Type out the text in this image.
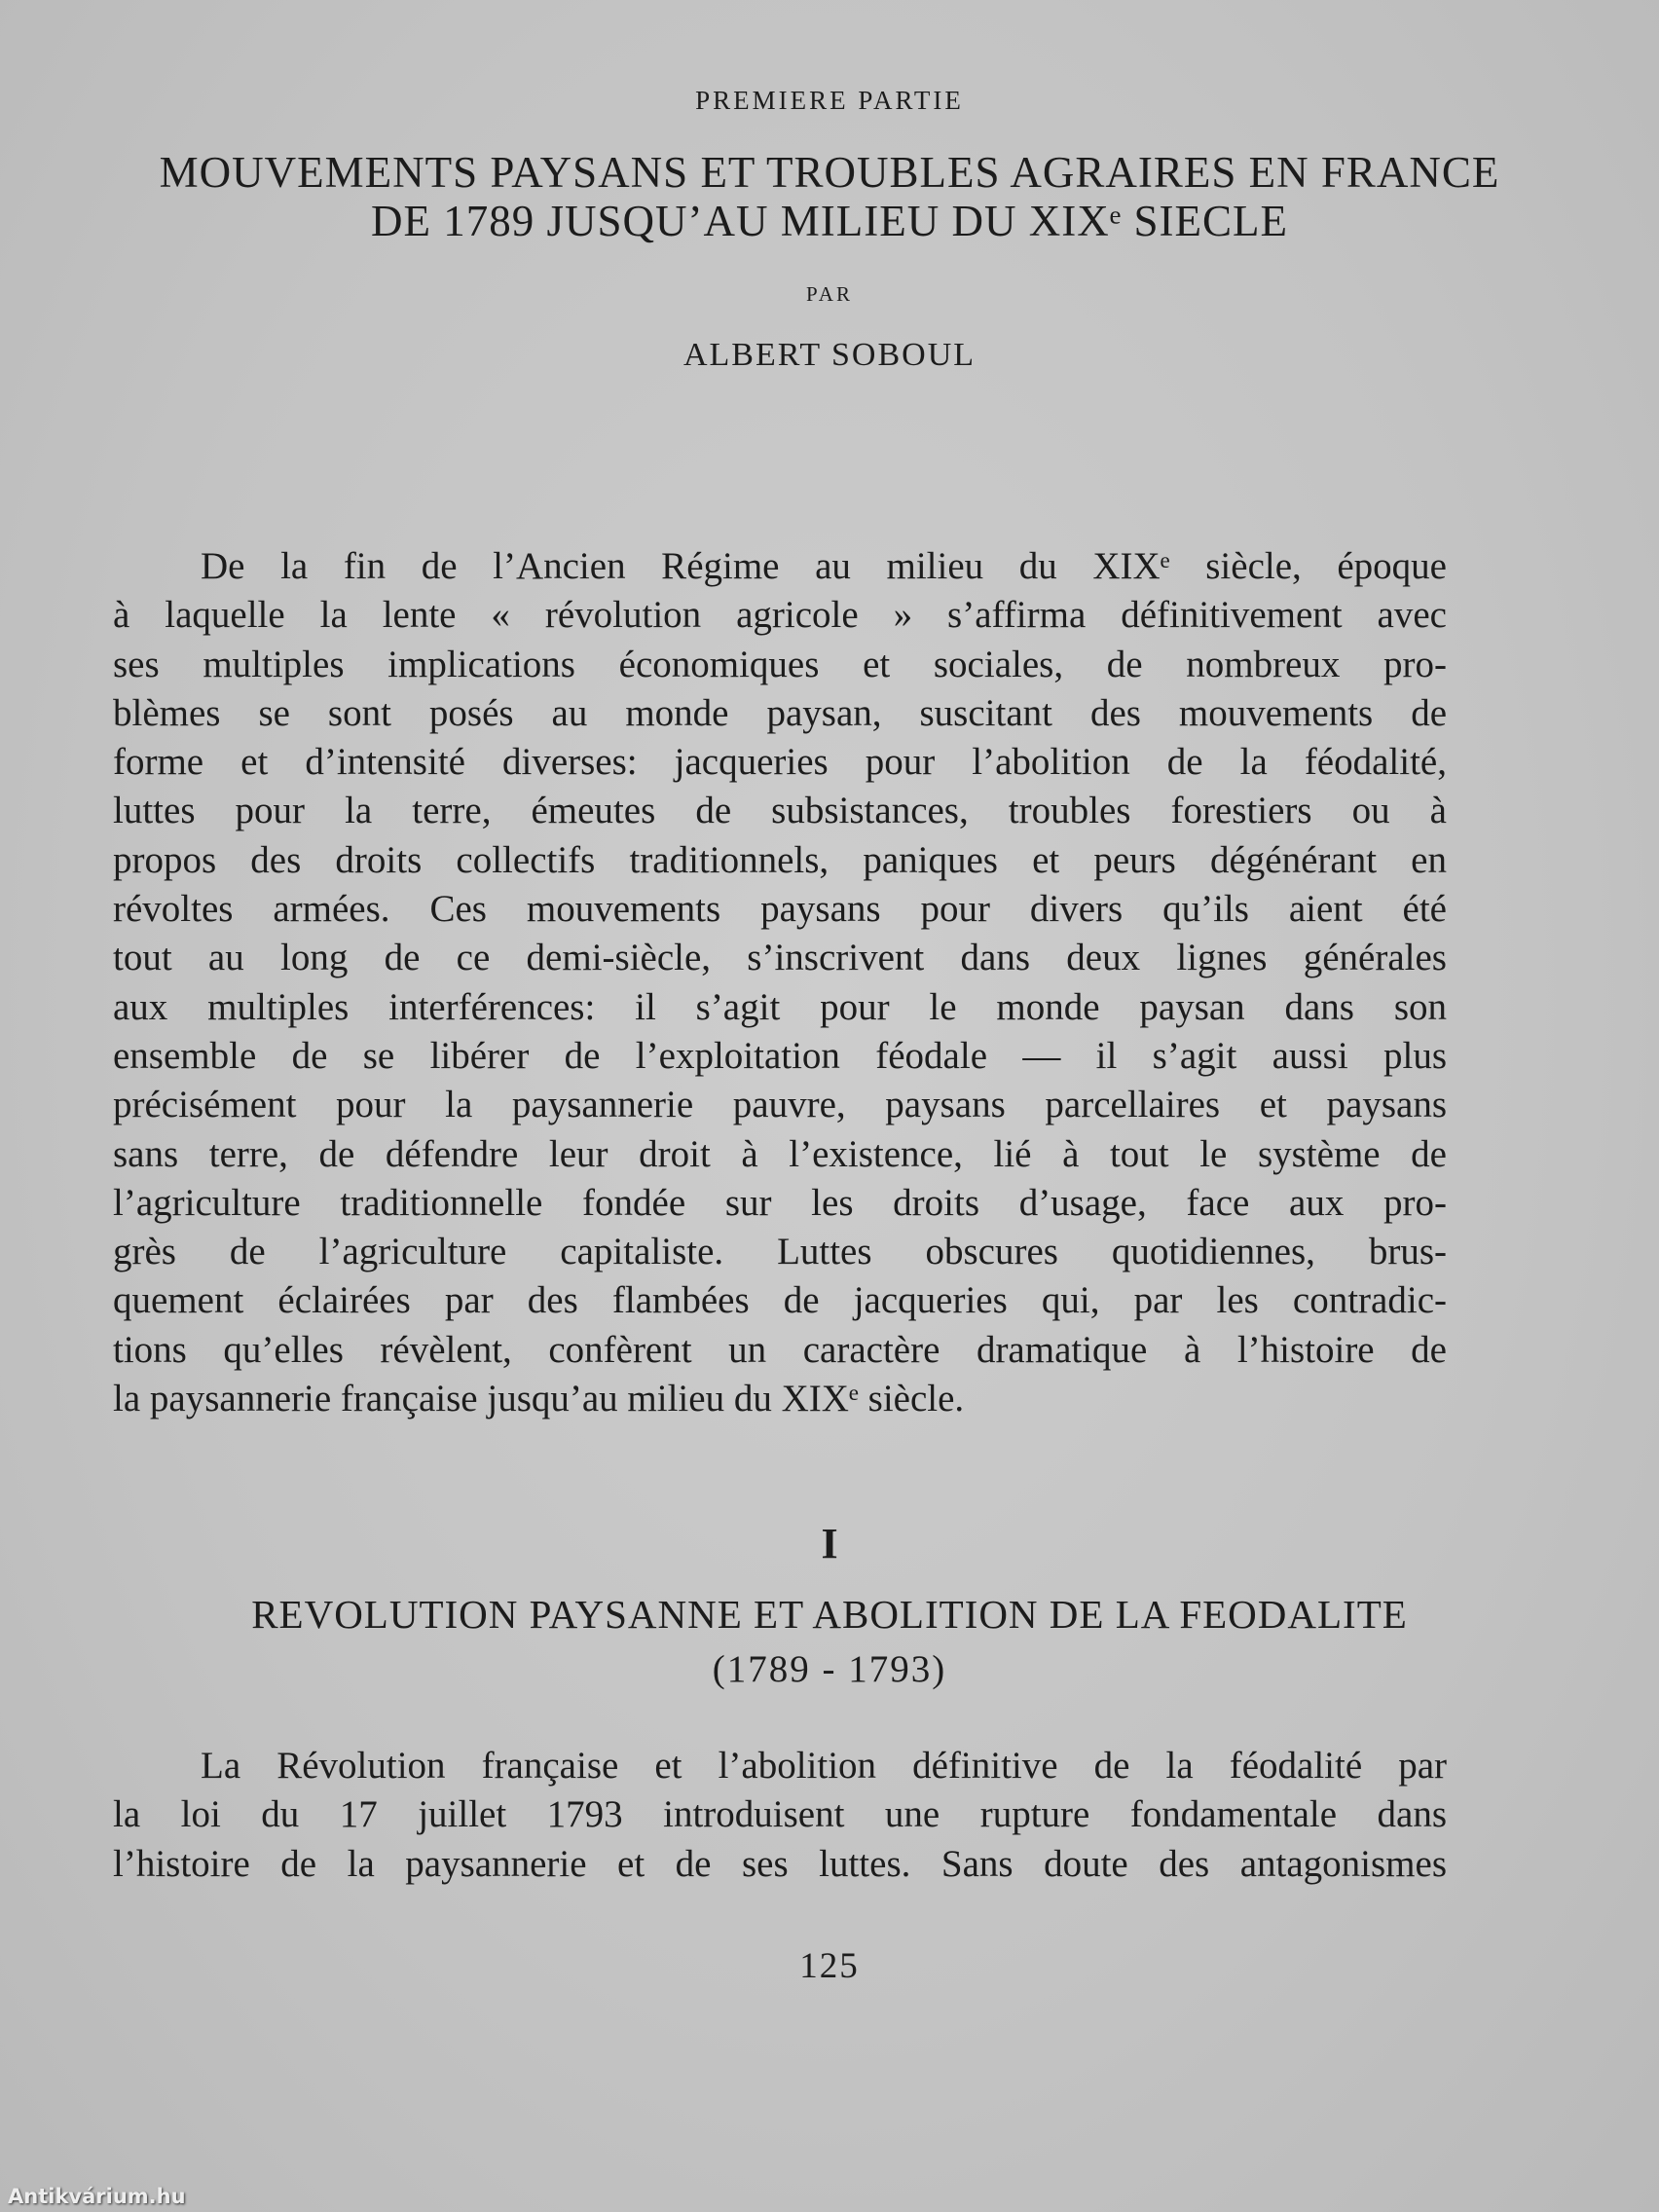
PREMIERE PARTIE
MOUVEMENTS PAYSANS ET TROUBLES AGRAIRES EN FRANCE
DE 1789 JUSQU’AU MILIEU DU XIXᵉ SIECLE
PAR
ALBERT SOBOUL
De la fin de l’Ancien Régime au milieu du XIXᵉ siècle, époque
à laquelle la lente « révolution agricole » s’affirma définitivement avec
ses multiples implications économiques et sociales, de nombreux pro-
blèmes se sont posés au monde paysan, suscitant des mouvements de
forme et d’intensité diverses: jacqueries pour l’abolition de la féodalité,
luttes pour la terre, émeutes de subsistances, troubles forestiers ou à
propos des droits collectifs traditionnels, paniques et peurs dégénérant en
révoltes armées. Ces mouvements paysans pour divers qu’ils aient été
tout au long de ce demi-siècle, s’inscrivent dans deux lignes générales
aux multiples interférences: il s’agit pour le monde paysan dans son
ensemble de se libérer de l’exploitation féodale — il s’agit aussi plus
précisément pour la paysannerie pauvre, paysans parcellaires et paysans
sans terre, de défendre leur droit à l’existence, lié à tout le système de
l’agriculture traditionnelle fondée sur les droits d’usage, face aux pro-
grès de l’agriculture capitaliste. Luttes obscures quotidiennes, brus-
quement éclairées par des flambées de jacqueries qui, par les contradic-
tions qu’elles révèlent, confèrent un caractère dramatique à l’histoire de
la paysannerie française jusqu’au milieu du XIXᵉ siècle.
I
REVOLUTION PAYSANNE ET ABOLITION DE LA FEODALITE
(1789 - 1793)
La Révolution française et l’abolition définitive de la féodalité par
la loi du 17 juillet 1793 introduisent une rupture fondamentale dans
l’histoire de la paysannerie et de ses luttes. Sans doute des antagonismes
125
Antikvárium.hu
